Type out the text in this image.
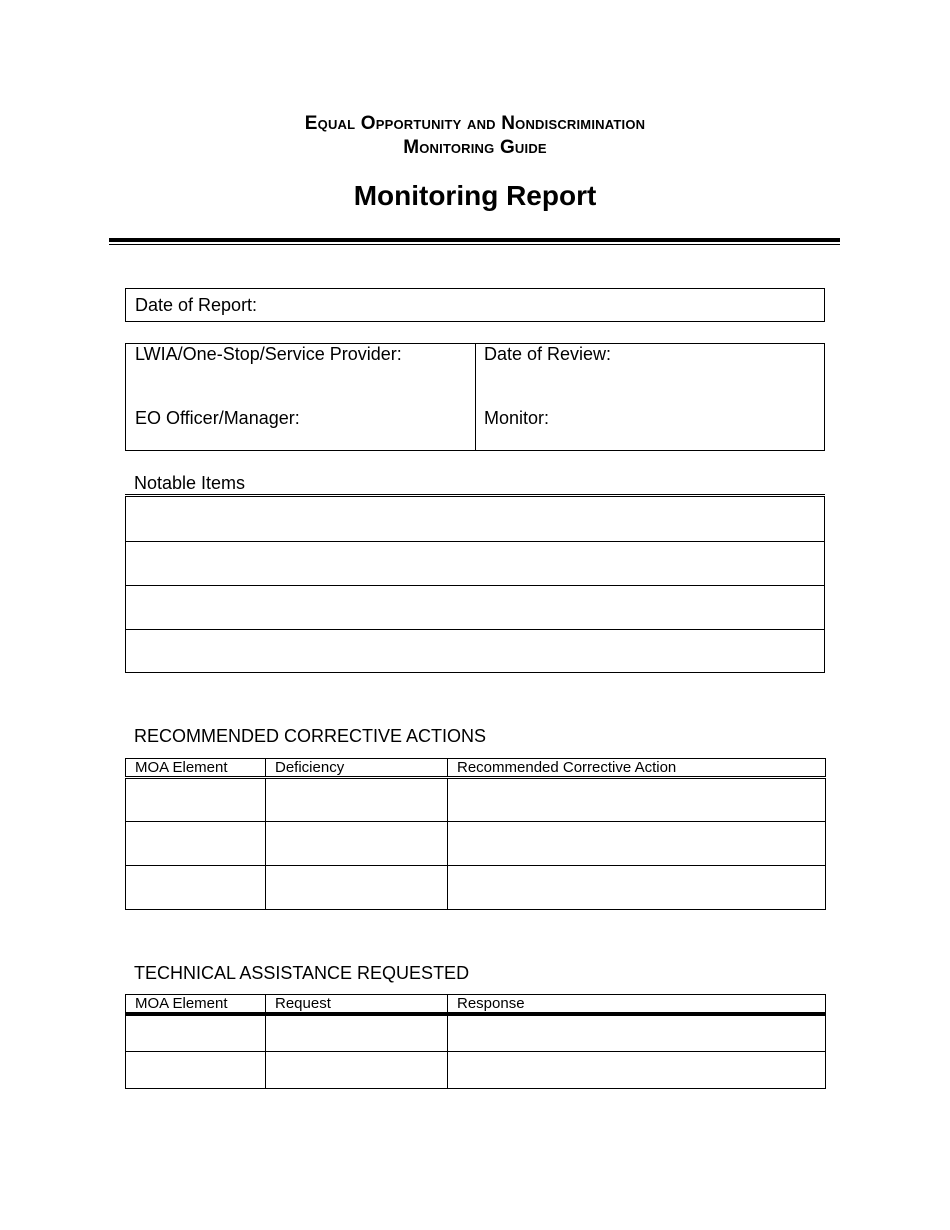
Equal Opportunity and Nondiscrimination
Monitoring Guide
Monitoring Report
Date of Report:
LWIA/One-Stop/Service Provider:	Date of Review:
EO Officer/Manager:	Monitor:
Notable Items

RECOMMENDED CORRECTIVE ACTIONS
MOA Element	Deficiency	Recommended Corrective Action

TECHNICAL ASSISTANCE REQUESTED
MOA Element	Request	Response
